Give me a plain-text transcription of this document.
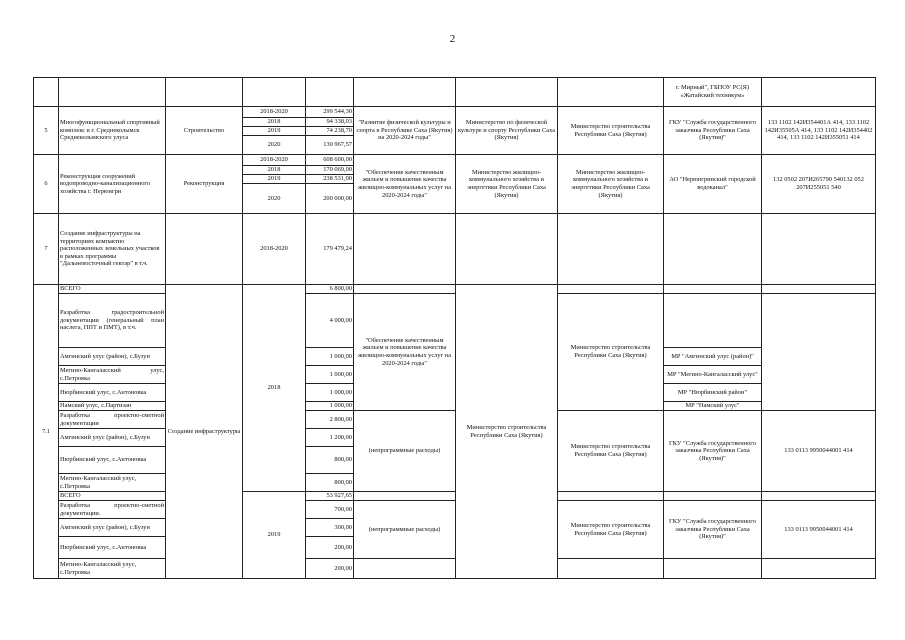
2
								г. Мирный", ГБПОУ РС(Я) «Жатайский техникум»	
5	Многофункциональный спортивный комплекс в г. Среднеколымск Среднеколымского улуса	Строительство	2018-2020	299 544,30	"Развитие физической культуры и спорта в Республике Саха (Якутия) на 2020-2024 годы"	Министерство по физической культуре и спорту Республики Саха (Якутия)	Министерство строительства Республики Саха (Якутия)	ГКУ "Служба государственного заказчика Республики Саха (Якутия)"	133 1102 142И354401А 414, 133 1102 142И35505А 414, 133 1102 142И354402 414, 133 1102 142И355051 414
			2018	94 338,03					
			2019	74 238,70					
			2020	130 967,57					
6	Реконструкция сооружений водопроводно-канализационного хозяйства г. Нерюнгри	Реконструкция	2018-2020	608 600,00	"Обеспечение качественным жильем и повышение качества жилищно-коммунальных услуг на 2020-2024 годы"	Министерство жилищно-коммунального хозяйства и энергетики Республики Саха (Якутия)	Министерство жилищно-коммунального хозяйства и энергетики Республики Саха (Якутия)	АО "Нерюнгринский городской водоканал"	132 0502 207И265790 540132 052 207И255051 540
			2018	170 069,00					
			2019	238 531,00					
			2020	200 000,00					
7	Создание инфраструктуры на территориях компактно расположенных земельных участков в рамках программы "Дальневосточный гектар" в т.ч.		2018-2020	179 479,24					
7.1	ВСЕГО	Создание инфраструктуры	2018	6 800,00		Министерство строительства Республики Саха (Якутия)			
	Разработка градостроительной документации (генеральный план наслега, ППТ и ПМТ), в т.ч.			4 000,00	"Обеспечение качественным жильем и повышение качества жилищно-коммунальных услуг на 2020-2024 годы"		Министерство строительства Республики Саха (Якутия)		
	Амгинский улус (район), с.Бузун			1 000,00				МР "Амгинский улус (район)"	
	Мегино-Кангаласский улус, с.Петровка			1 000,00				МР "Мегино-Кангаласский улус"	
	Нюрбинский улус, с.Антоновка			1 000,00				МР "Нюрбинский район"	
	Намский улус, с.Партизан			1 000,00				МР "Намский улус"	
	Разработка проектно-сметной документации			2 800,00	(непрограммные расходы)		Министерство строительства Республики Саха (Якутия)	ГКУ "Служба государственного заказчика Республики Саха (Якутия)"	133 0113 9950044001 414
	Амгинский улус (район), с.Бузун			1 200,00					
	Нюрбинский улус, с.Антоновка			800,00					
	Мегино-Кангаласский улус, с.Петровка			800,00					
	ВСЕГО		2019	53 927,65					
	Разработка проектно-сметной документации.			700,00	(непрограммные расходы)		Министерство строительства Республики Саха (Якутия)	ГКУ "Служба государственного заказчика Республики Саха (Якутия)"	133 0113 9950044001 414
	Амгинский улус (район), с.Бузун			300,00					
	Нюрбинский улус, с.Антоновка			200,00					
	Мегино-Кангаласский улус, с.Петровка			200,00					
